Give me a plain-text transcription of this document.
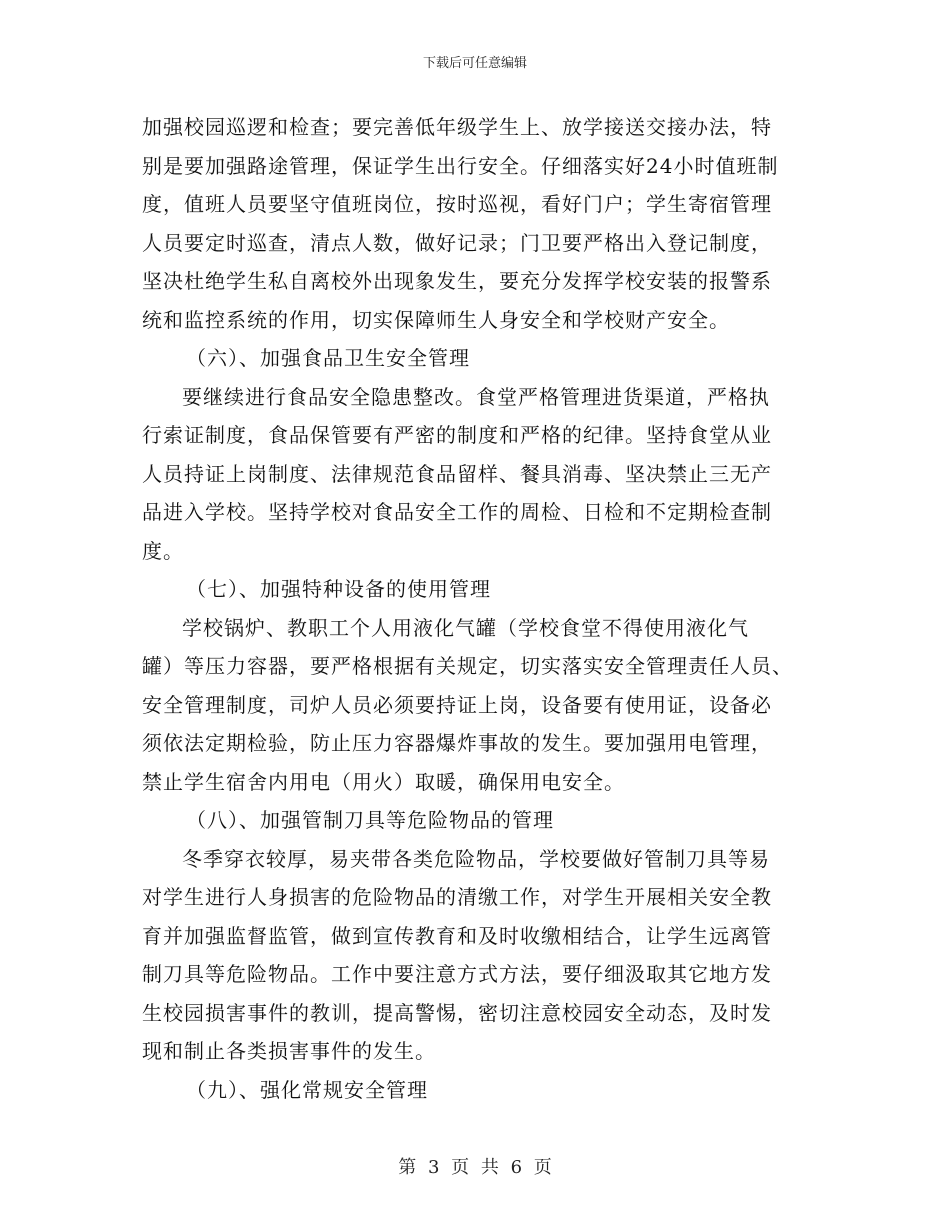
下载后可任意编辑
加强校园巡逻和检查；要完善低年级学生上、放学接送交接办法，特
别是要加强路途管理，保证学生出行安全。仔细落实好24小时值班制
度，值班人员要坚守值班岗位，按时巡视，看好门户；学生寄宿管理
人员要定时巡查，清点人数，做好记录；门卫要严格出入登记制度，
坚决杜绝学生私自离校外出现象发生，要充分发挥学校安装的报警系
统和监控系统的作用，切实保障师生人身安全和学校财产安全。
（六）、加强食品卫生安全管理
要继续进行食品安全隐患整改。食堂严格管理进货渠道，严格执
行索证制度，食品保管要有严密的制度和严格的纪律。坚持食堂从业
人员持证上岗制度、法律规范食品留样、餐具消毒、坚决禁止三无产
品进入学校。坚持学校对食品安全工作的周检、日检和不定期检查制
度。
（七）、加强特种设备的使用管理
学校锅炉、教职工个人用液化气罐（学校食堂不得使用液化气
罐）等压力容器，要严格根据有关规定，切实落实安全管理责任人员、
安全管理制度，司炉人员必须要持证上岗，设备要有使用证，设备必
须依法定期检验，防止压力容器爆炸事故的发生。要加强用电管理，
禁止学生宿舍内用电（用火）取暖，确保用电安全。
（八）、加强管制刀具等危险物品的管理
冬季穿衣较厚，易夹带各类危险物品，学校要做好管制刀具等易
对学生进行人身损害的危险物品的清缴工作，对学生开展相关安全教
育并加强监督监管，做到宣传教育和及时收缴相结合，让学生远离管
制刀具等危险物品。工作中要注意方式方法，要仔细汲取其它地方发
生校园损害事件的教训，提高警惕，密切注意校园安全动态，及时发
现和制止各类损害事件的发生。
（九）、强化常规安全管理
第 3 页 共 6 页
